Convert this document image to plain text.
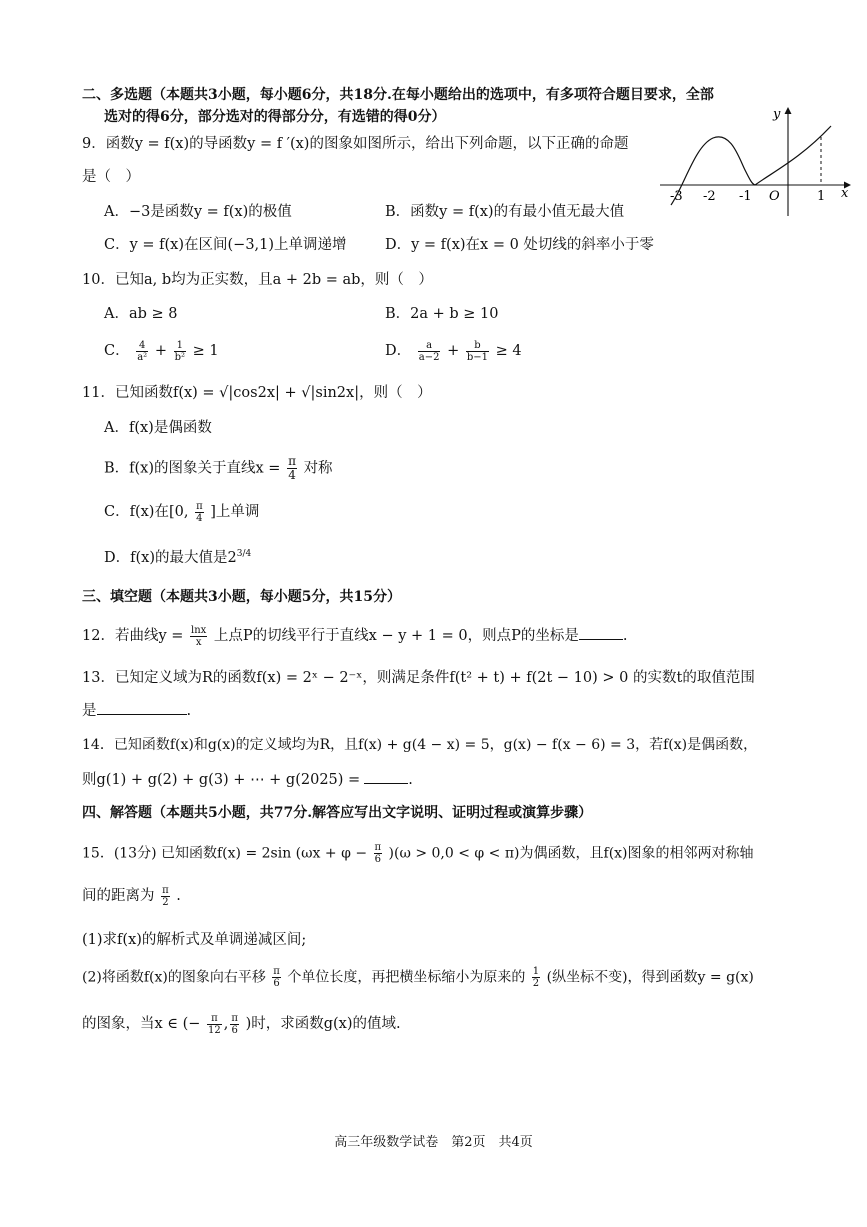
二、多选题（本题共3小题，每小题6分，共18分.在每小题给出的选项中，有多项符合题目要求，全部
选对的得6分，部分选对的得部分分，有选错的得0分）
9．函数y = f(x)的导函数y = f ′(x)的图象如图所示，给出下列命题，以下正确的命题
是（　）
A．−3是函数y = f(x)的极值	B．函数y = f(x)的有最小值无最大值
C．y = f(x)在区间(−3,1)上单调递增	D．y = f(x)在x = 0 处切线的斜率小于零
y
x
O
-3 -2 -1	1
10．已知a, b均为正实数，且a + 2b = ab，则（　）
A．ab ≥ 8	B．2a + b ≥ 10
C． $\frac{4}{\text{a²}} + \frac{1}{\text{b²}} \ge 1$	D． $\frac{a}{a-2} + \frac{b}{b-1} \ge 4$
11．已知函数f(x) = √|cos2x| + √|sin2x|，则（　）
A．f(x)是偶函数
B．f(x)的图象关于直线$x = \frac{\pi}{4}$ 对称
C．f(x)在[0, $\frac{\pi}{4}$ ]上单调
D．f(x)的最大值是$2^{3/4}$
三、填空题（本题共3小题，每小题5分，共15分）
12．若曲线$y = \frac{\ln x}{x}$ 上点P的切线平行于直线x − y + 1 = 0，则点P的坐标是	.
13．已知定义域为R的函数f(x) = 2ˣ − 2⁻ˣ，则满足条件f(t² + t) + f(2t − 10) > 0 的实数t的取值范围
是	.
14．已知函数f(x)和g(x)的定义域均为R，且f(x) + g(4 − x) = 5，g(x) − f(x − 6) = 3，若f(x)是偶函数，
则g(1) + g(2) + g(3) + ⋯ + g(2025) =	.
四、解答题（本题共5小题，共77分.解答应写出文字说明、证明过程或演算步骤）
15．(13分) 已知函数f(x) = 2sin $(\omega x + \varphi - \frac{\pi}{6} )(\omega > 0,0 < \varphi < \pi)$为偶函数，且f(x)图象的相邻两对称轴
间的距离为 $\frac{\pi}{2}$ .
(1)求f(x)的解析式及单调递减区间;
(2)将函数f(x)的图象向右平移 $\frac{\pi}{6}$ 个单位长度，再把横坐标缩小为原来的 $\frac{1}{2}$ (纵坐标不变)，得到函数y = g(x)
的图象，当x ∈ (− $\frac{\pi}{12}$ , $\frac{\pi}{6}$ )时，求函数g(x)的值域.
高三年级数学试卷　第2页　共4页
